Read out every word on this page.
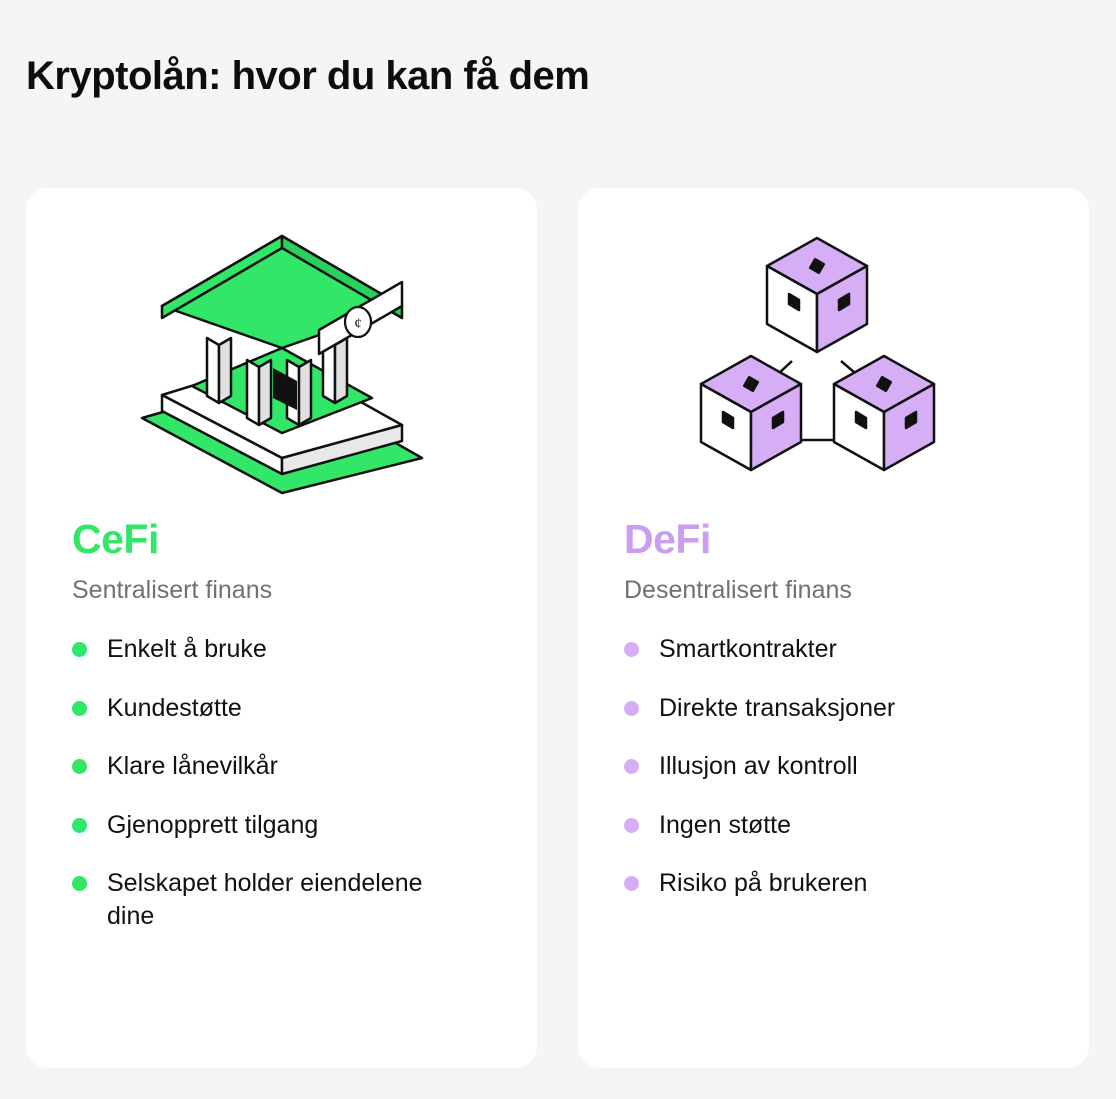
Kryptolån: hvor du kan få dem
¢
CeFi
Sentralisert finans
Enkelt å bruke
Kundestøtte
Klare lånevilkår
Gjenopprett tilgang
Selskapet holder eiendelene dine
DeFi
Desentralisert finans
Smartkontrakter
Direkte transaksjoner
Illusjon av kontroll
Ingen støtte
Risiko på brukeren
